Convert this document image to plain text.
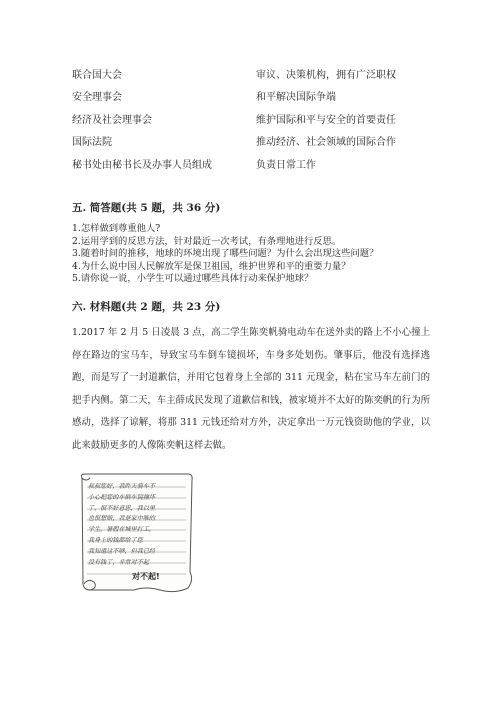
联合国大会	审议、决策机构，拥有广泛职权
安全理事会	和平解决国际争端
经济及社会理事会	维护国际和平与安全的首要责任
国际法院	推动经济、社会领域的国际合作
秘书处由秘书长及办事人员组成	负责日常工作
五. 简答题(共 5 题，共 36 分)
1.怎样做到尊重他人?
2.运用学到的反思方法，针对最近一次考试，有条理地进行反思。
3.随着时间的推移，地球的环境出现了哪些问题？为什么会出现这些问题？
4.为什么说中国人民解放军是保卫祖国，维护世界和平的重要力量？
5.请你说一说，小学生可以通过哪些具体行动来保护地球？
六. 材料题(共 2 题，共 23 分)
1.2017 年 2 月 5 日凌晨 3 点，高二学生陈奕帆骑电动车在送外卖的路上不小心撞上停在路边的宝马车，导致宝马车倒车镜损坏，车身多处划伤。肇事后，他没有选择逃跑，而是写了一封道歉信，并用它包着身上全部的 311 元现金，粘在宝马车左前门的把手内侧。第二天，车主薛成民发现了道歉信和钱，被家境并不太好的陈奕帆的行为所感动，选择了谅解，将那 311 元钱还给对方外，决定拿出一万元钱资助他的学业，以此来鼓励更多的人像陈奕帆这样去做。
叔叔您好，我昨天骑车不
小心把您的车倒车镜撞坏
了，很不好意思，我以里
也很想赔，我是家中唯的
学生，暑假在城里打工，
我身上的钱都给了您
我知道这不够，但我已经
没有钱了，非常对不起
对不起!
